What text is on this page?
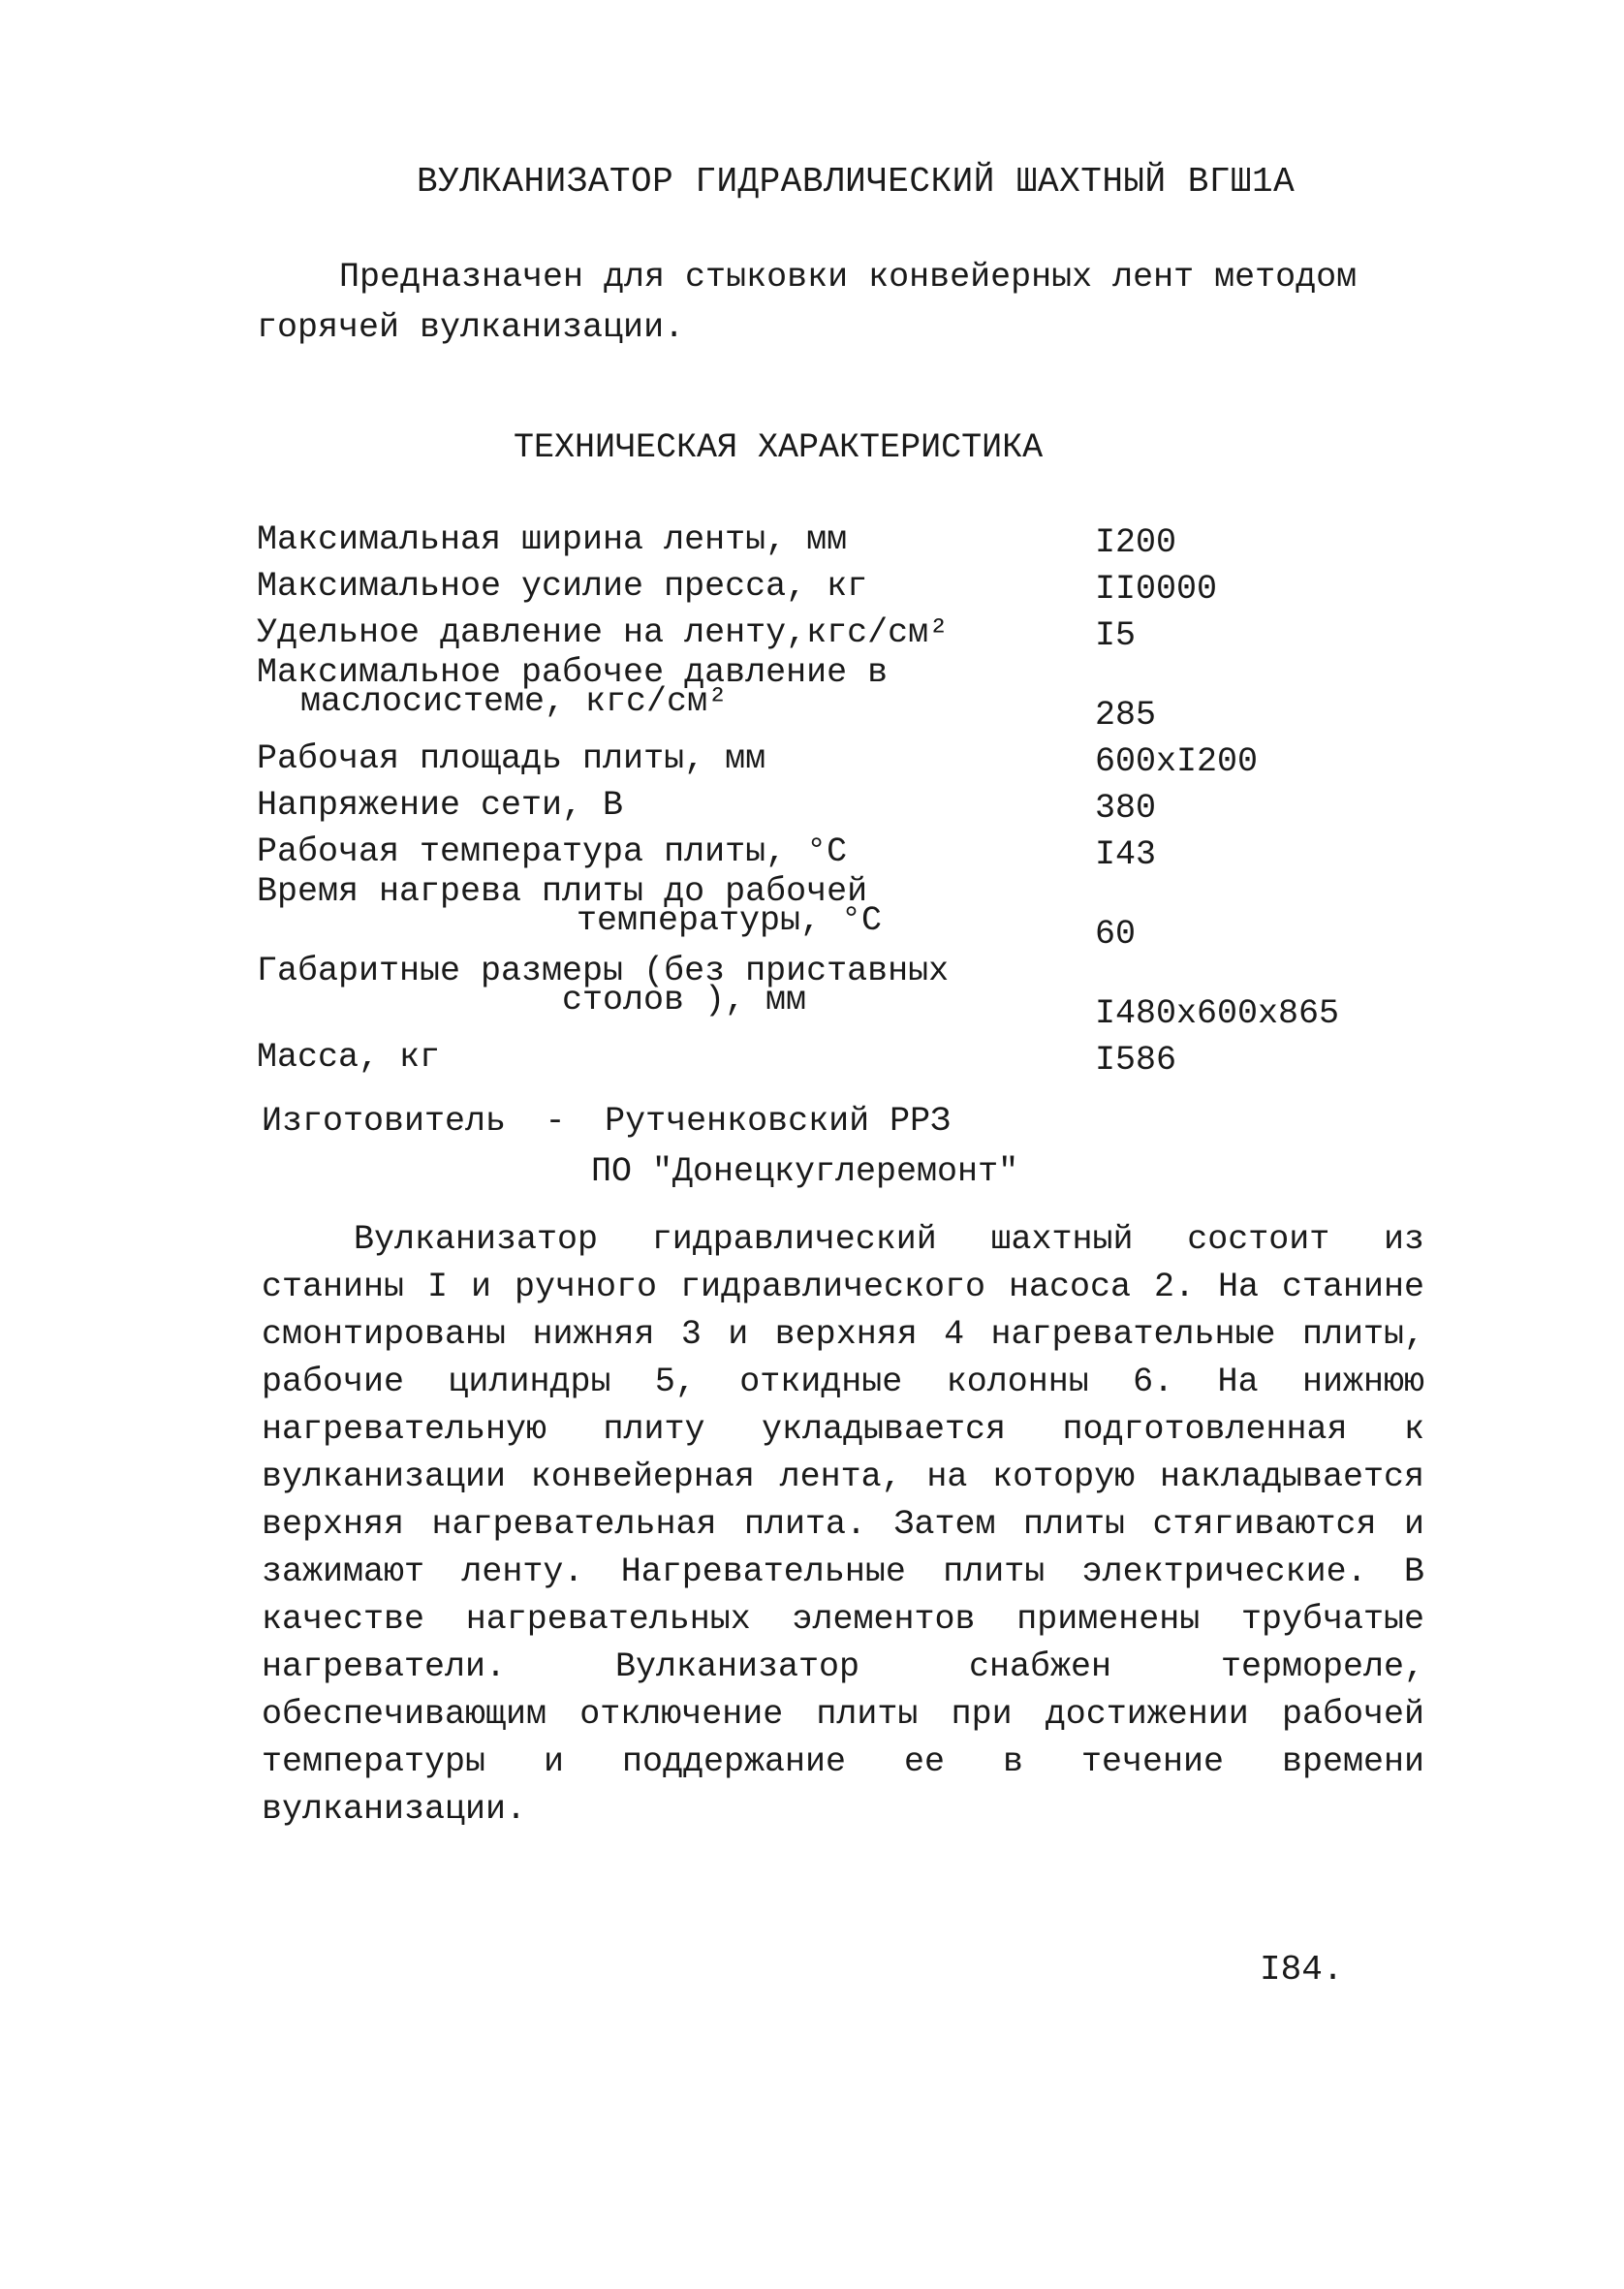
ВУЛКАНИЗАТОР ГИДРАВЛИЧЕСКИЙ ШАХТНЫЙ ВГШ1А
Предназначен для стыковки конвейерных лент методом горячей вулканизации.
ТЕХНИЧЕСКАЯ ХАРАКТЕРИСТИКА
Максимальная ширина ленты, мм	I200
Максимальное усилие пресса, кг	II0000
Удельное давление на ленту,кгс/см²	I5
Максимальное рабочее давление в
маслосистеме, кгс/см²	285
Рабочая площадь плиты, мм	600xI200
Напряжение сети, В	380
Рабочая температура плиты, °С	I43
Время нагрева плиты до рабочей
температуры, °С	60
Габаритные размеры (без приставных
столов ), мм	I480x600x865
Масса, кг	I586
Изготовитель - Рутченковский РРЗ
ПО "Донецкуглеремонт"
Вулканизатор гидравлический шахтный состоит из станины I и ручного гидравлического насоса 2. На станине смонтированы нижняя 3 и верхняя 4 нагревательные плиты, рабочие цилиндры 5, откидные колонны 6. На нижнюю нагревательную плиту укладывается подготовленная к вулканизации конвейерная лента, на которую накладывается верхняя нагревательная плита. Затем плиты стягиваются и зажимают ленту. Нагревательные плиты электрические. В качестве нагревательных элементов применены трубчатые нагреватели. Вулканизатор снабжен термореле, обеспечивающим отключение плиты при достижении рабочей температуры и поддержание ее в течение времени вулканизации.
I84.
